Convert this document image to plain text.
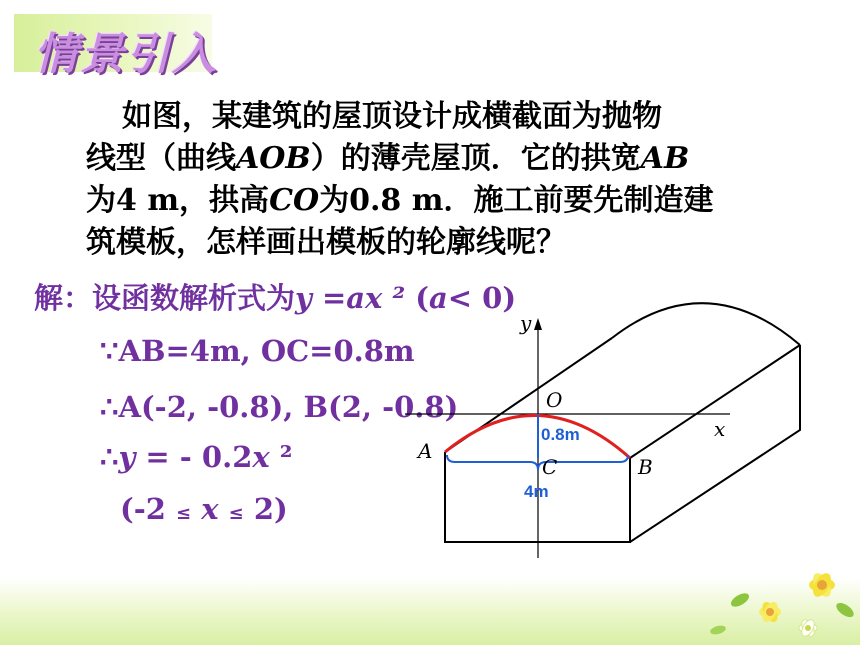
情景引入
如图，某建筑的屋顶设计成横截面为抛物
线型（曲线AOB）的薄壳屋顶．它的拱宽AB
为4 m，拱高CO为0.8 m．施工前要先制造建
筑模板，怎样画出模板的轮廓线呢？
解：设函数解析式为y =ax ² (a< 0)
∵AB=4m, OC=0.8m
∴A(-2, -0.8), B(2, -0.8)
∴y = - 0.2x ²
(-2 ≤ x ≤ 2)
y
x
O
A
B
C
0.8m
4m
